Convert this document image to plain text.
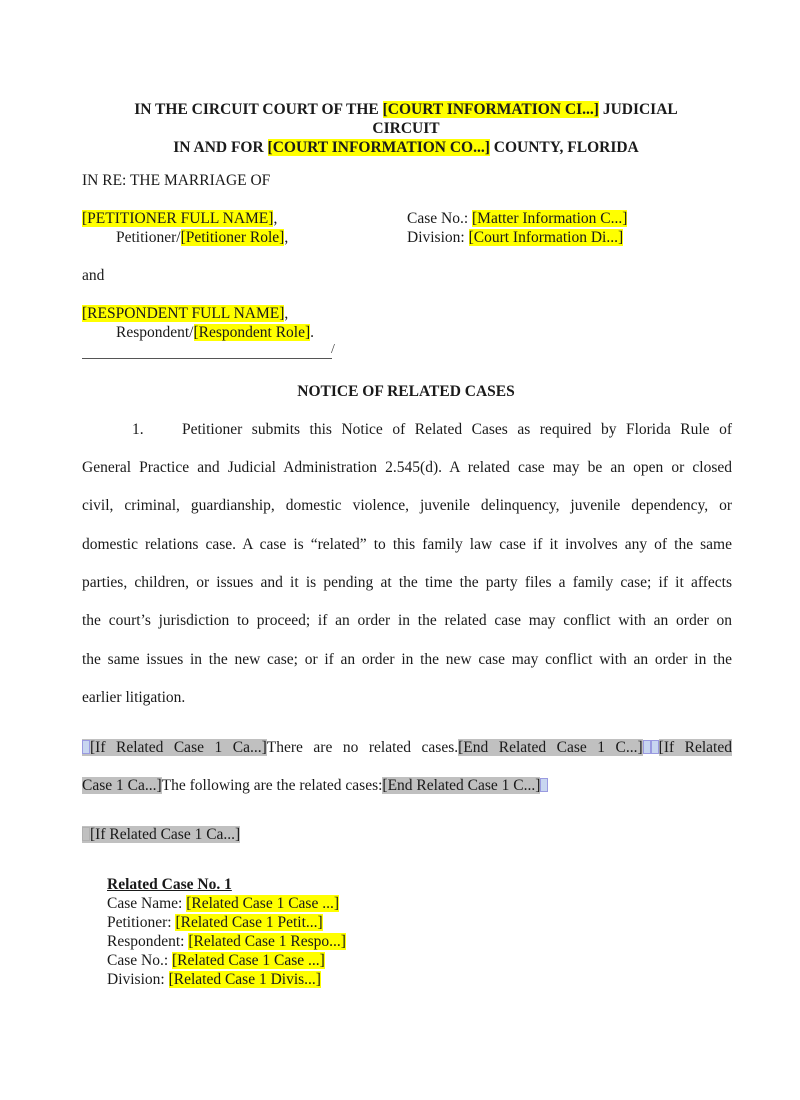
IN THE CIRCUIT COURT OF THE [COURT INFORMATION CI...] JUDICIAL
CIRCUIT
IN AND FOR [COURT INFORMATION CO...] COUNTY, FLORIDA
IN RE: THE MARRIAGE OF
[PETITIONER FULL NAME],
Petitioner/[Petitioner Role],
Case No.: [Matter Information C...]
Division: [Court Information Di...]
and
[RESPONDENT FULL NAME],
Respondent/[Respondent Role].
/
NOTICE OF RELATED CASES
1. Petitioner submits this Notice of Related Cases as required by Florida Rule of
General Practice and Judicial Administration 2.545(d). A related case may be an open or closed
civil, criminal, guardianship, domestic violence, juvenile delinquency, juvenile dependency, or
domestic relations case. A case is “related” to this family law case if it involves any of the same
parties, children, or issues and it is pending at the time the party files a family case; if it affects
the court’s jurisdiction to proceed; if an order in the related case may conflict with an order on
the same issues in the new case; or if an order in the new case may conflict with an order in the
earlier litigation.
[If Related Case 1 Ca...]There are no related cases.[End Related Case 1 C...] [If Related
Case 1 Ca...]The following are the related cases:[End Related Case 1 C...]
[If Related Case 1 Ca...]
Related Case No. 1
Case Name: [Related Case 1 Case ...]
Petitioner: [Related Case 1 Petit...]
Respondent: [Related Case 1 Respo...]
Case No.: [Related Case 1 Case ...]
Division: [Related Case 1 Divis...]
